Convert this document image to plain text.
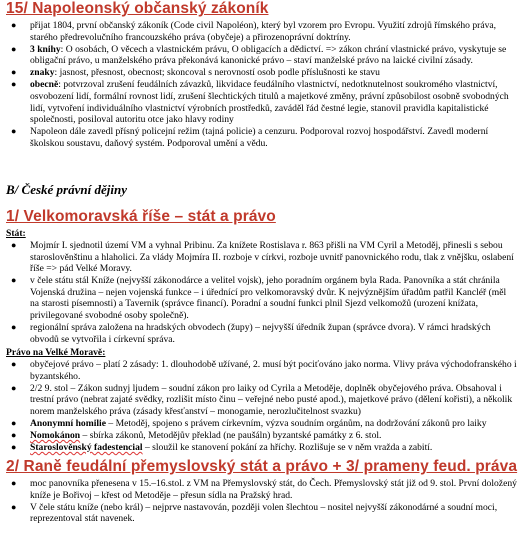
15/ Napoleonský občanský zákoník
● přijat 1804, první občanský zákoník (Code civil Napoléon), který byl vzorem pro Evropu. Využití zdrojů římského práva, starého předrevolučního francouzského práva (obyčeje) a přirozenoprávní doktríny.
● 3 knihy: O osobách, O věcech a vlastnickém právu, O obligacích a dědictví. => zákon chrání vlastnické právo, vyskytuje se obligační právo, u manželského práva překonává kanonické právo – staví manželské právo na laické civilní zásady.
● znaky: jasnost, přesnost, obecnost; skoncoval s nerovností osob podle příslušnosti ke stavu
● obecně: potvrzoval zrušení feudálních závazků, likvidace feudálního vlastnictví, nedotknutelnost soukromého vlastnictví, osvobození lidí, formální rovnost lidí, zrušení šlechtických titulů a majetkové změny, právní způsobilost osobně svobodných lidí, vytvoření individuálního vlastnictví výrobních prostředků, zaváděl řád čestné legie, stanovil pravidla kapitalistické společnosti, posiloval autoritu otce jako hlavy rodiny
● Napoleon dále zavedl přísný policejní režim (tajná policie) a cenzuru. Podporoval rozvoj hospodářství. Zavedl moderní školskou soustavu, daňový systém. Podporoval umění a vědu.
B/ České právní dějiny
1/ Velkomoravská říše – stát a právo
Stát:
● Mojmír I. sjednotil území VM a vyhnal Pribinu. Za knížete Rostislava r. 863 přišli na VM Cyril a Metoděj, přinesli s sebou staroslověnštinu a hlaholici. Za vlády Mojmíra II. rozboje v církvi, rozboje uvnitř panovnického rodu, tlak z vnějšku, oslabení říše => pád Velké Moravy.
● v čele státu stál Kníže (nejvyšší zákonodárce a velitel vojsk), jeho poradním orgánem byla Rada. Panovníka a stát chránila Vojenská družina – nejen vojenská funkce – i úřednící pro velkomoravský dvůr. K nejvýznějším úřadům patřil Kancléř (měl na starosti písemnosti) a Tavernik (správce financí). Poradní a soudní funkci plnil Sjezd velkomožů (urození knížata, privilegované svobodné osoby společně).
● regionální správa založena na hradských obvodech (župy) – nejvyšší úředník župan (správce dvora). V rámci hradských obvodů se vytvořila i církevní správa.
Právo na Velké Moravě:
● obyčejové právo – platí 2 zásady: 1. dlouhodobě užívané, 2. musí být pociťováno jako norma. Vlivy práva východofranského i byzantského.
● 2/2 9. stol – Zákon sudnyj ljudem – soudní zákon pro laiky od Cyrila a Metoděje, doplněk obyčejového práva. Obsahoval i trestní právo (nebrat zajaté svědky, rozlišit místo činu – veřejné nebo pusté apod.), majetkové právo (dělení kořisti), a několik norem manželského práva (zásady křesťanství – monogamie, nerozlučitelnost svazku)
● Anonymní homilie – Metoděj, spojeno s právem církevním, výzva soudním orgánům, na dodržování zákonů pro laiky
● Nomokánon – sbírka zákonů, Metodějův překlad (ne paušáln) byzantské památky z 6. stol.
● Staroslověnský fadestencial – sloužil ke stanovení pokání za hříchy. Rozlišuje se v něm vražda a zabití.
2/ Raně feudální přemyslovský stát a právo + 3/ prameny feud. práva
● moc panovníka přenesena v 15.–16.stol. z VM na Přemyslovský stát, do Čech. Přemyslovský stát již od 9. stol. První doložený kníže je Bořivoj – křest od Metoděje – přesun sídla na Pražský hrad.
● V čele státu kníže (nebo král) – nejprve nastavován, později volen šlechtou – nositel nejvyšší zákonodárné a soudní moci, reprezentoval stát navenek.
